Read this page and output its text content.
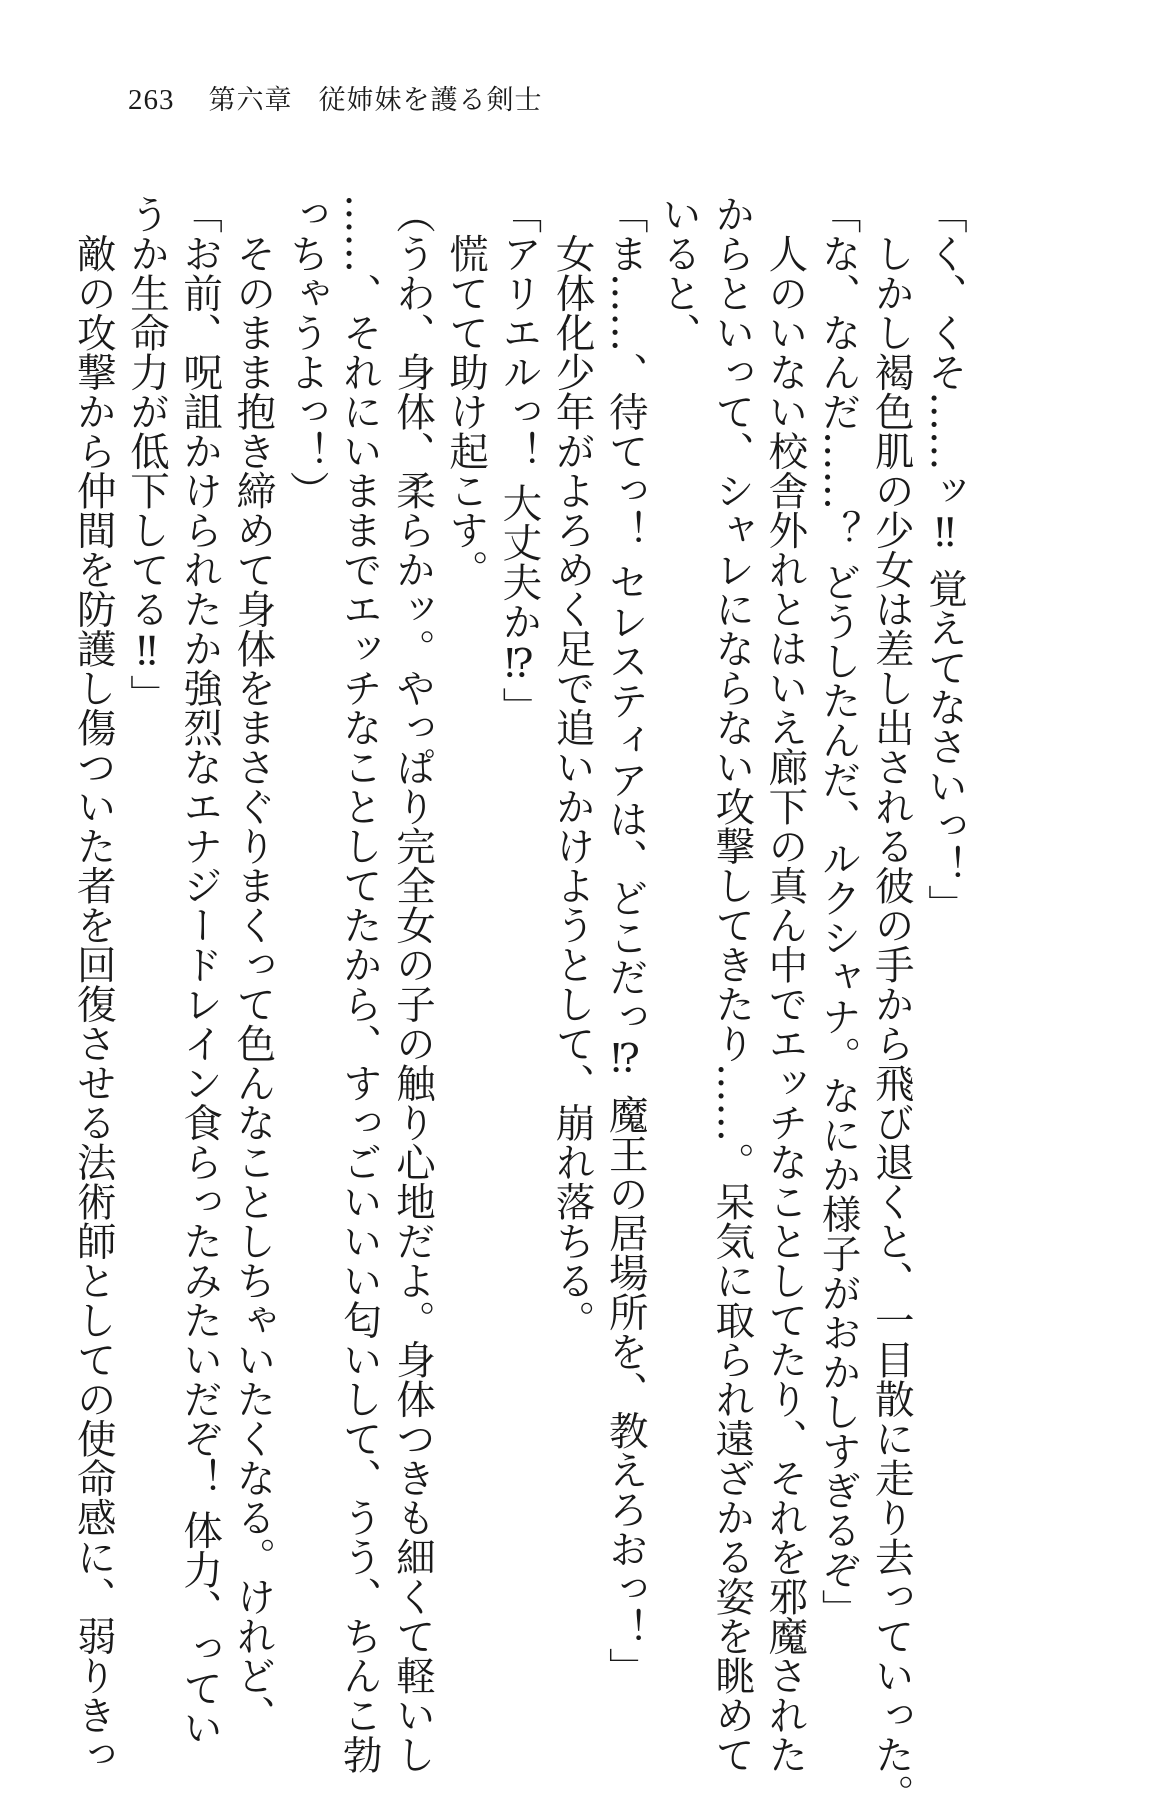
263 第六章 従姉妹を護る剣士

「く、くそ……ッ‼ 覚えてなさいっ！」

　しかし褐色肌の少女は差し出される彼の手から飛び退くと、一目散に走り去っていった。

「な、なんだ……？ どうしたんだ、ルクシャナ。なにか様子がおかしすぎるぞ」

　人のいない校舎外れとはいえ廊下の真ん中でエッチなことしてたり、それを邪魔された

からといって、シャレにならない攻撃してきたり……。呆気に取られ遠ざかる姿を眺めて

いると、

「ま……、待てっ！ セレスティアは、どこだっ⁉ 魔王の居場所を、教えろおっ！」

　女体化少年がよろめく足で追いかけようとして、崩れ落ちる。

「アリエルっ！ 大丈夫か⁉」

　慌てて助け起こす。

（うわ、身体、柔らかッ。やっぱり完全女の子の触り心地だよ。身体つきも細くて軽いし

……、それにいままでエッチなことしてたから、すっごいいい匂いして、うう、ちんこ勃

っちゃうよっ！）

　そのまま抱き締めて身体をまさぐりまくって色んなことしちゃいたくなる。けれど、

「お前、呪詛かけられたか強烈なエナジードレイン食らったみたいだぞ！ 体力、ってい

うか生命力が低下してる‼」

　敵の攻撃から仲間を防護し傷ついた者を回復させる法術師としての使命感に、弱りきっ
